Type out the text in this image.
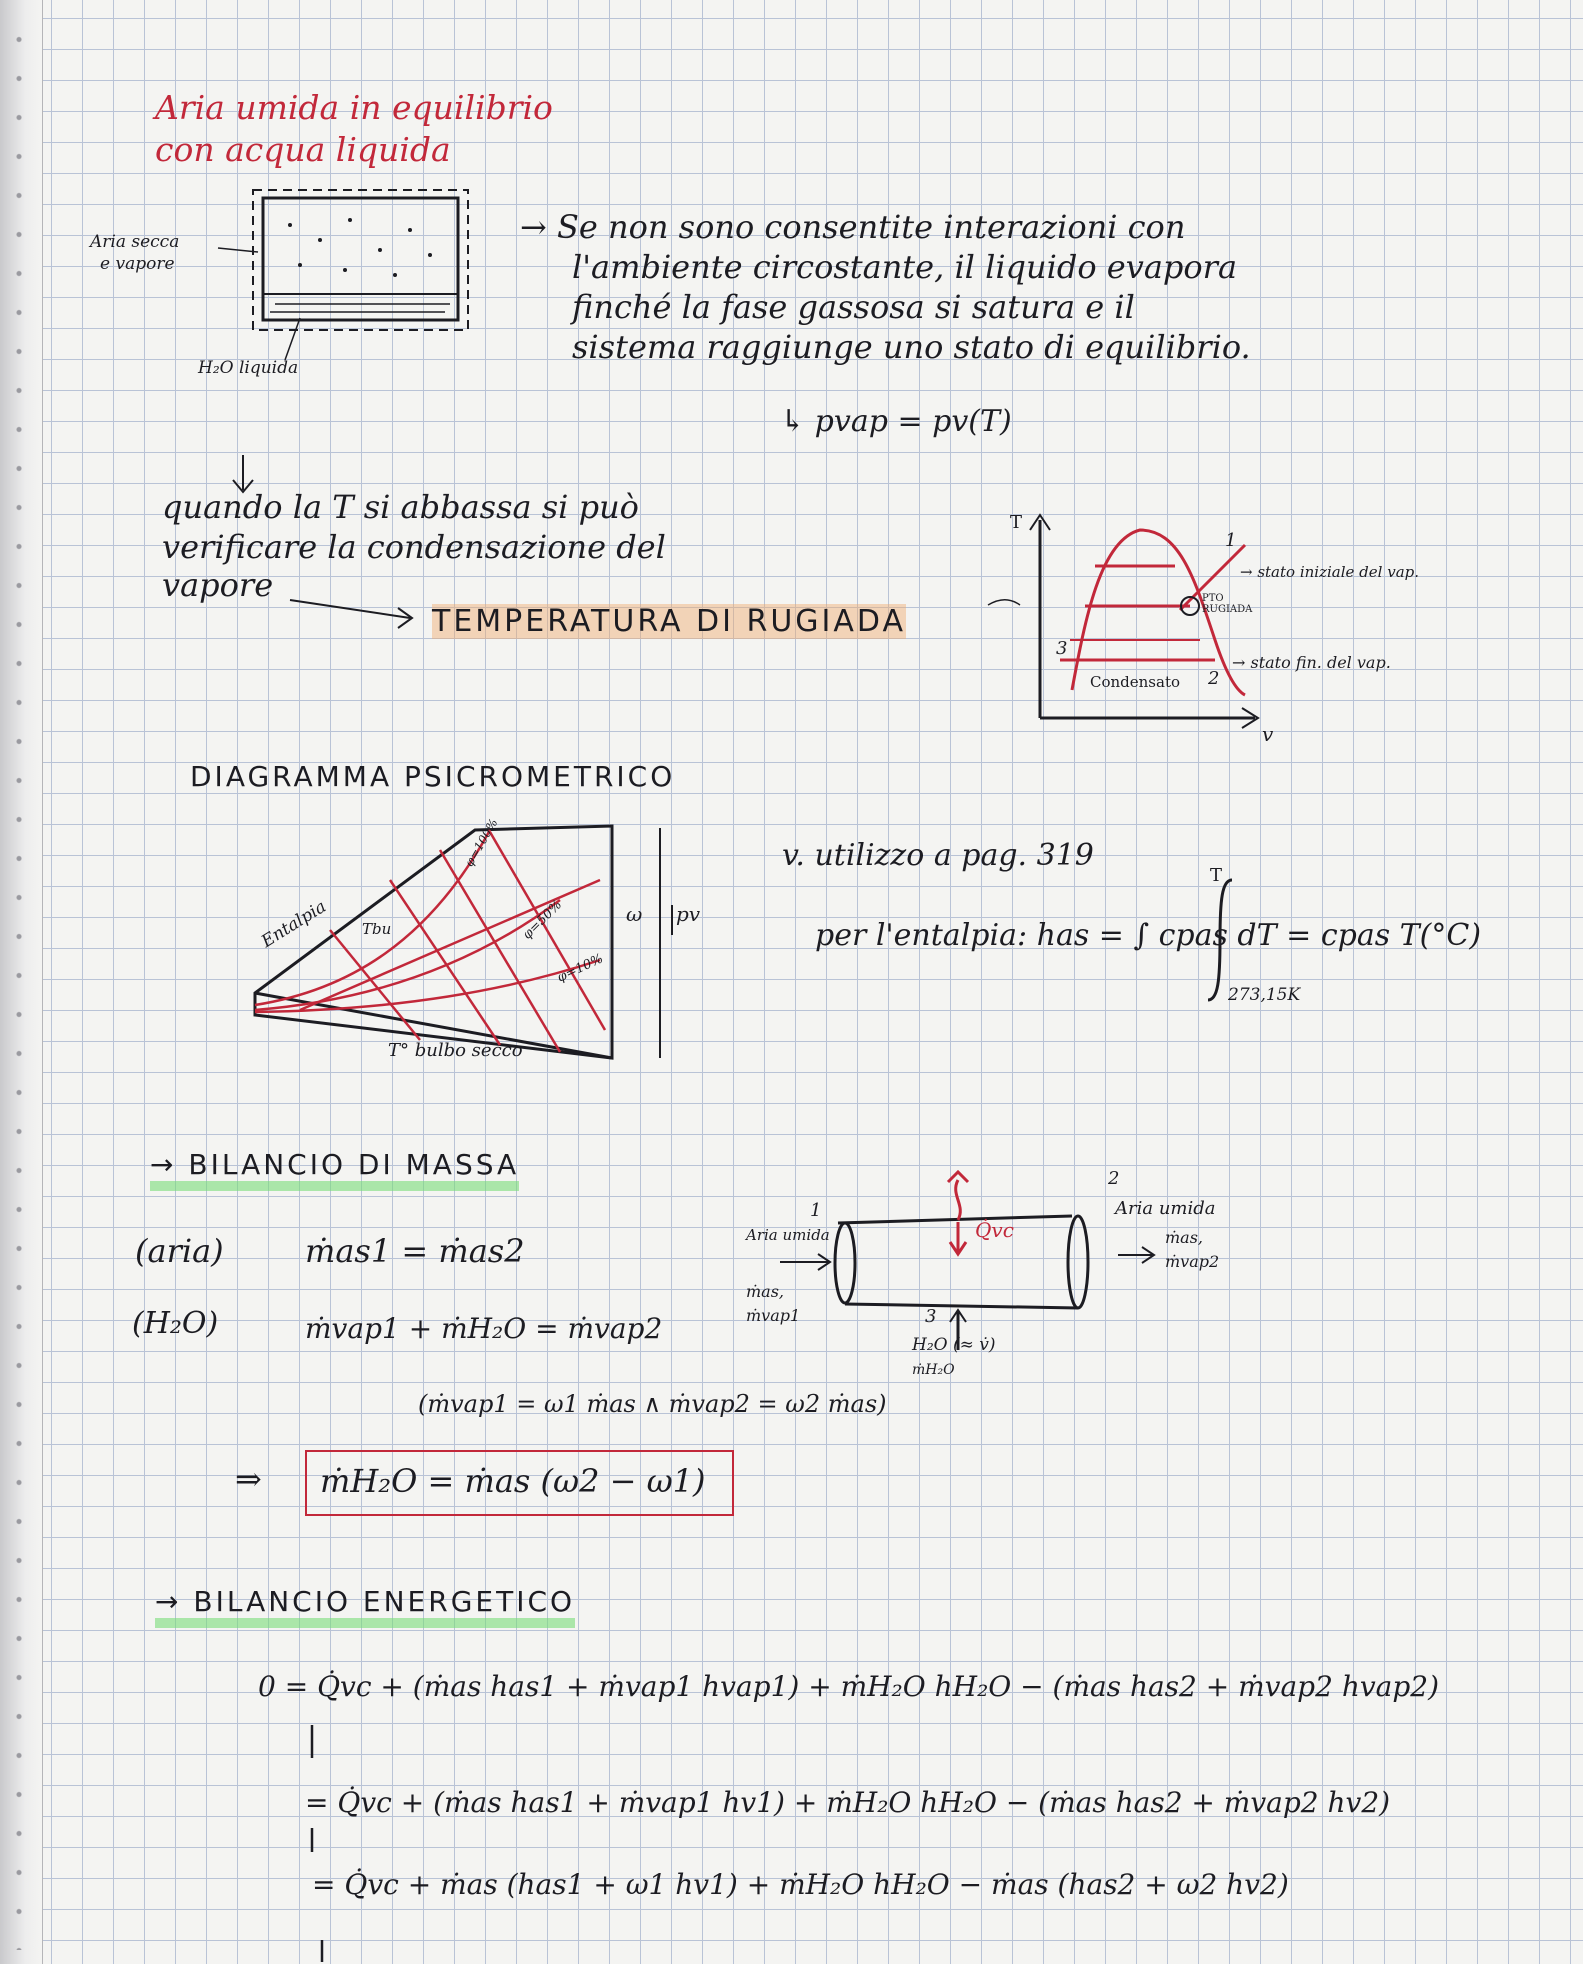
Aria umida in equilibrio
con acqua liquida
Aria secca
e vapore
H₂O liquida
→ Se non sono consentite interazioni con
l'ambiente circostante, il liquido evapora
finché la fase gassosa si satura e il
sistema raggiunge uno stato di equilibrio.
↳ pvap = pv(T)
quando la T si abbassa si può
verificare la condensazione del
vapore
TEMPERATURA DI RUGIADA
T
v
1
2
3
→ stato iniziale del vap.
PTO RUGIADA
→ stato fin. del vap.
Condensato
DIAGRAMMA PSICROMETRICO
Entalpia Tbu
φ=100%
φ=50%
φ=10%
ω pv
T° bulbo secco
v. utilizzo a pag. 319
T
per l'entalpia: has = ∫ cpas dT = cpas T(°C)
273,15K
→ BILANCIO DI MASSA
(aria)	ṁas1 = ṁas2
(H₂O)	ṁvap1 + ṁH₂O = ṁvap2
(ṁvap1 = ω1 ṁas ∧ ṁvap2 = ω2 ṁas)
⇒ ṁH₂O = ṁas (ω2 − ω1)
Aria umida
1
ṁas,
ṁvap1
2
Aria umida
ṁas,
ṁvap2
Q̇vc
3
H₂O (≈ v̇)
ṁH₂O
→ BILANCIO ENERGETICO
0 = Q̇vc + (ṁas has1 + ṁvap1 hvap1) + ṁH₂O hH₂O − (ṁas has2 + ṁvap2 hvap2)
= Q̇vc + (ṁas has1 + ṁvap1 hv1) + ṁH₂O hH₂O − (ṁas has2 + ṁvap2 hv2)
= Q̇vc + ṁas (has1 + ω1 hv1) + ṁH₂O hH₂O − ṁas (has2 + ω2 hv2)
